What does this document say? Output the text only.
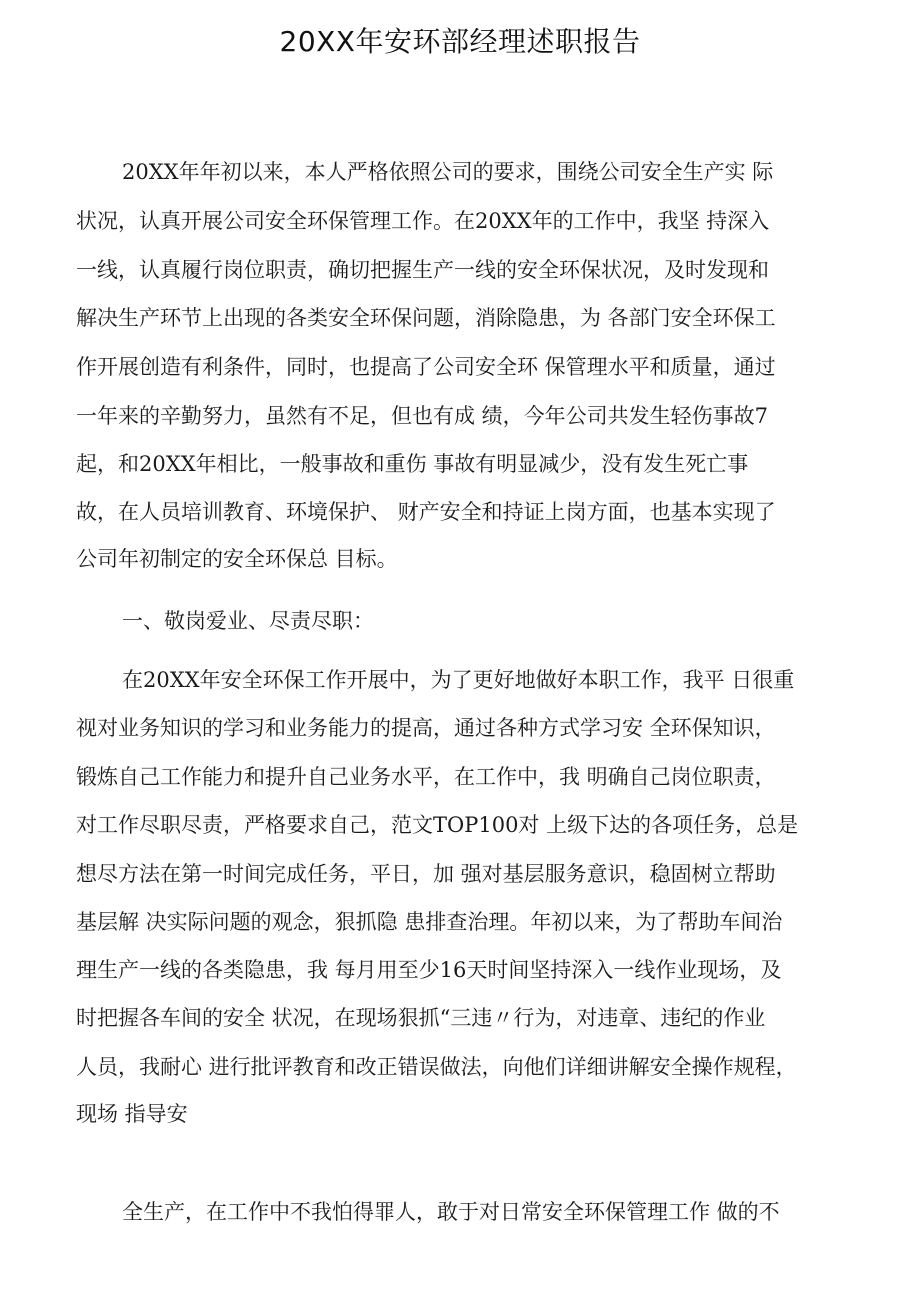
20XX年安环部经理述职报告
20XX年年初以来，本人严格依照公司的要求，围绕公司安全生产实 际
状况，认真开展公司安全环保管理工作。在20XX年的工作中，我坚 持深入
一线，认真履行岗位职责，确切把握生产一线的安全环保状况，及时发现和
解决生产环节上出现的各类安全环保问题，消除隐患，为 各部门安全环保工
作开展创造有利条件，同时，也提高了公司安全环 保管理水平和质量，通过
一年来的辛勤努力，虽然有不足，但也有成 绩，今年公司共发生轻伤事故7
起，和20XX年相比，一般事故和重伤 事故有明显减少，没有发生死亡事
故，在人员培训教育、环境保护、 财产安全和持证上岗方面，也基本实现了
公司年初制定的安全环保总 目标。
一、敬岗爱业、尽责尽职：
在20XX年安全环保工作开展中，为了更好地做好本职工作，我平 日很重
视对业务知识的学习和业务能力的提高，通过各种方式学习安 全环保知识，
锻炼自己工作能力和提升自己业务水平，在工作中，我 明确自己岗位职责，
对工作尽职尽责，严格要求自己，范文TOP100对 上级下达的各项任务，总是
想尽方法在第一时间完成任务，平日，加 强对基层服务意识，稳固树立帮助
基层解 决实际问题的观念，狠抓隐 患排查治理。年初以来，为了帮助车间治
理生产一线的各类隐患，我 每月用至少16天时间坚持深入一线作业现场，及
时把握各车间的安全 状况，在现场狠抓“三违〃行为，对违章、违纪的作业
人员，我耐心 进行批评教育和改正错误做法，向他们详细讲解安全操作规程，
现场 指导安
全生产，在工作中不我怕得罪人，敢于对日常安全环保管理工作 做的不
